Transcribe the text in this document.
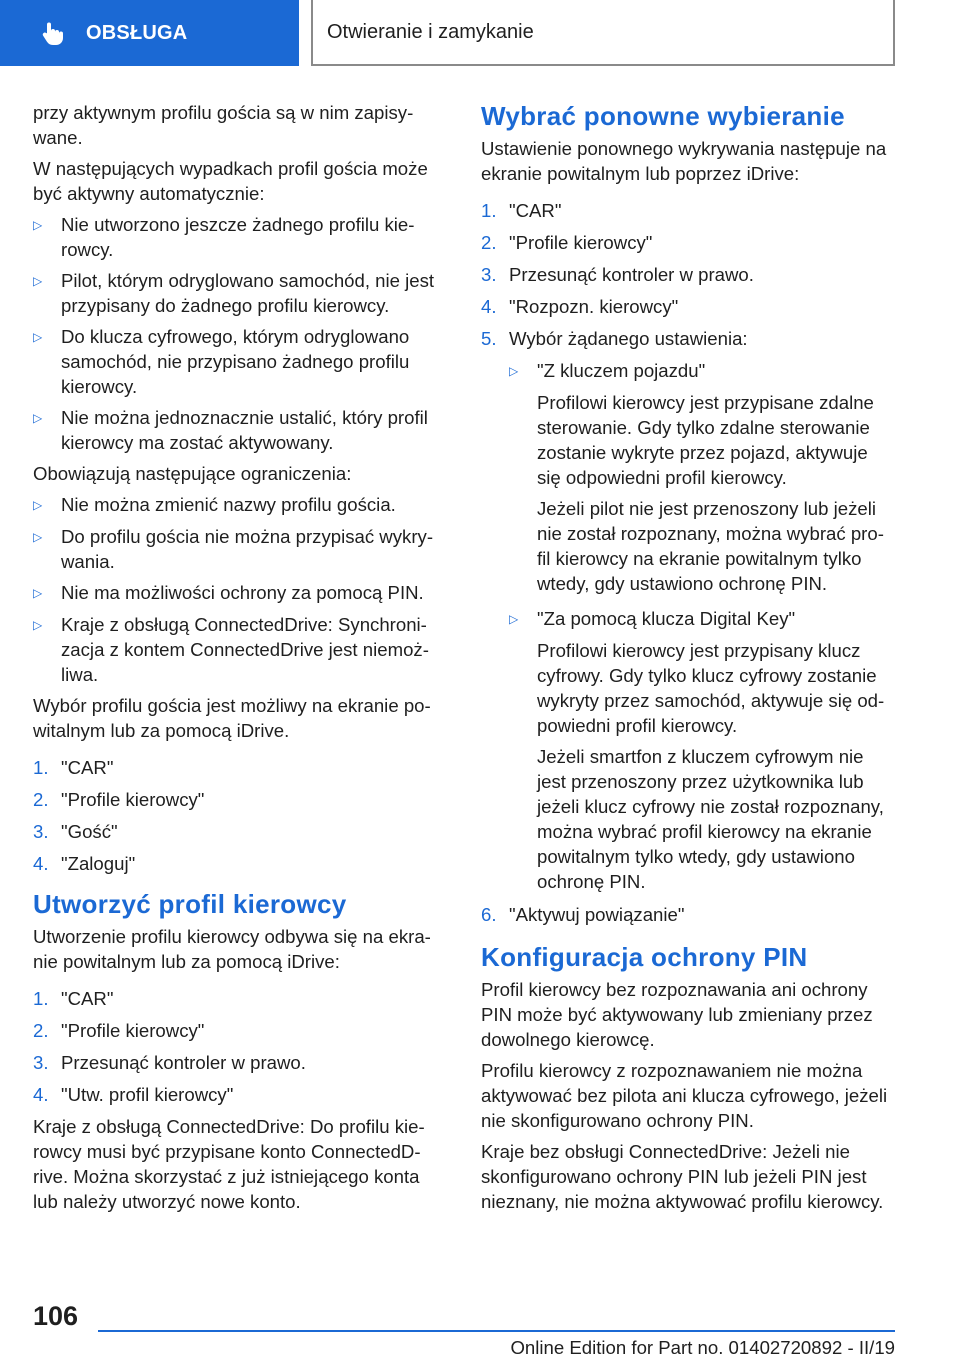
OBSŁUGA	Otwieranie i zamykanie

przy aktywnym profilu gościa są w nim zapisy-wane.

W następujących wypadkach profil gościa może być aktywny automatycznie:

▷	Nie utworzono jeszcze żadnego profilu kie-rowcy.
▷	Pilot, którym odryglowano samochód, nie jest przypisany do żadnego profilu kierowcy.
▷	Do klucza cyfrowego, którym odryglowano samochód, nie przypisano żadnego profilu kierowcy.
▷	Nie można jednoznacznie ustalić, który profil kierowcy ma zostać aktywowany.

Obowiązują następujące ograniczenia:

▷	Nie można zmienić nazwy profilu gościa.
▷	Do profilu gościa nie można przypisać wykry-wania.
▷	Nie ma możliwości ochrony za pomocą PIN.
▷	Kraje z obsługą ConnectedDrive: Synchroni-zacja z kontem ConnectedDrive jest niemoż-liwa.

Wybór profilu gościa jest możliwy na ekranie po-witalnym lub za pomocą iDrive.

1. "CAR"
2. "Profile kierowcy"
3. "Gość"
4. "Zaloguj"
Utworzyć profil kierowcy

Utworzenie profilu kierowcy odbywa się na ekra-nie powitalnym lub za pomocą iDrive:

1. "CAR"
2. "Profile kierowcy"
3. Przesunąć kontroler w prawo.
4. "Utw. profil kierowcy"

Kraje z obsługą ConnectedDrive: Do profilu kie-rowcy musi być przypisane konto ConnectedD-rive. Można skorzystać z już istniejącego konta lub należy utworzyć nowe konto.

Wybrać ponowne wybieranie

Ustawienie ponownego wykrywania następuje na ekranie powitalnym lub poprzez iDrive:

1. "CAR"
2. "Profile kierowcy"
3. Przesunąć kontroler w prawo.
4. "Rozpozn. kierowcy"
5. Wybór żądanego ustawienia:
▷	"Z kluczem pojazdu"

Profilowi kierowcy jest przypisane zdalne sterowanie. Gdy tylko zdalne sterowanie zostanie wykryte przez pojazd, aktywuje się odpowiedni profil kierowcy.

Jeżeli pilot nie jest przenoszony lub jeżeli nie został rozpoznany, można wybrać pro-fil kierowcy na ekranie powitalnym tylko wtedy, gdy ustawiono ochronę PIN.

▷	"Za pomocą klucza Digital Key"

Profilowi kierowcy jest przypisany klucz cyfrowy. Gdy tylko klucz cyfrowy zostanie wykryty przez samochód, aktywuje się od-powiedni profil kierowcy.

Jeżeli smartfon z kluczem cyfrowym nie jest przenoszony przez użytkownika lub jeżeli klucz cyfrowy nie został rozpoznany, można wybrać profil kierowcy na ekranie powitalnym tylko wtedy, gdy ustawiono ochronę PIN.

6. "Aktywuj powiązanie"
Konfiguracja ochrony PIN

Profil kierowcy bez rozpoznawania ani ochrony PIN może być aktywowany lub zmieniany przez dowolnego kierowcę.

Profilu kierowcy z rozpoznawaniem nie można aktywować bez pilota ani klucza cyfrowego, jeżeli nie skonfigurowano ochrony PIN.

Kraje bez obsługi ConnectedDrive: Jeżeli nie skonfigurowano ochrony PIN lub jeżeli PIN jest nieznany, nie można aktywować profilu kierowcy.

106
Online Edition for Part no. 01402720892 - II/19
